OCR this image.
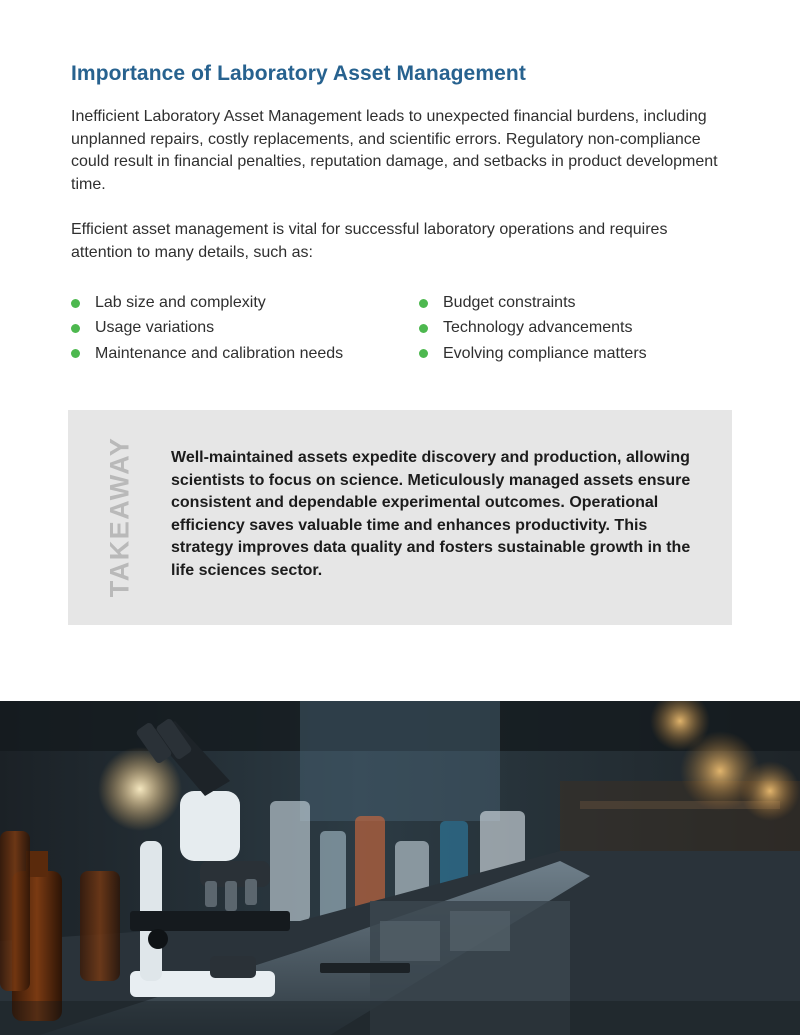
Importance of Laboratory Asset Management

Inefficient Laboratory Asset Management leads to unexpected financial burdens, including unplanned repairs, costly replacements, and scientific errors. Regulatory non-compliance could result in financial penalties, reputation damage, and setbacks in product development time.

Efficient asset management is vital for successful laboratory operations and requires attention to many details, such as:

Lab size and complexity	Budget constraints
Usage variations	Technology advancements
Maintenance and calibration needs	Evolving compliance matters
TAKEAWAY Well-maintained assets expedite discovery and production, allowing scientists to focus on science. Meticulously managed assets ensure consistent and dependable experimental outcomes. Operational efficiency saves valuable time and enhances productivity. This strategy improves data quality and fosters sustainable growth in the life sciences sector.
